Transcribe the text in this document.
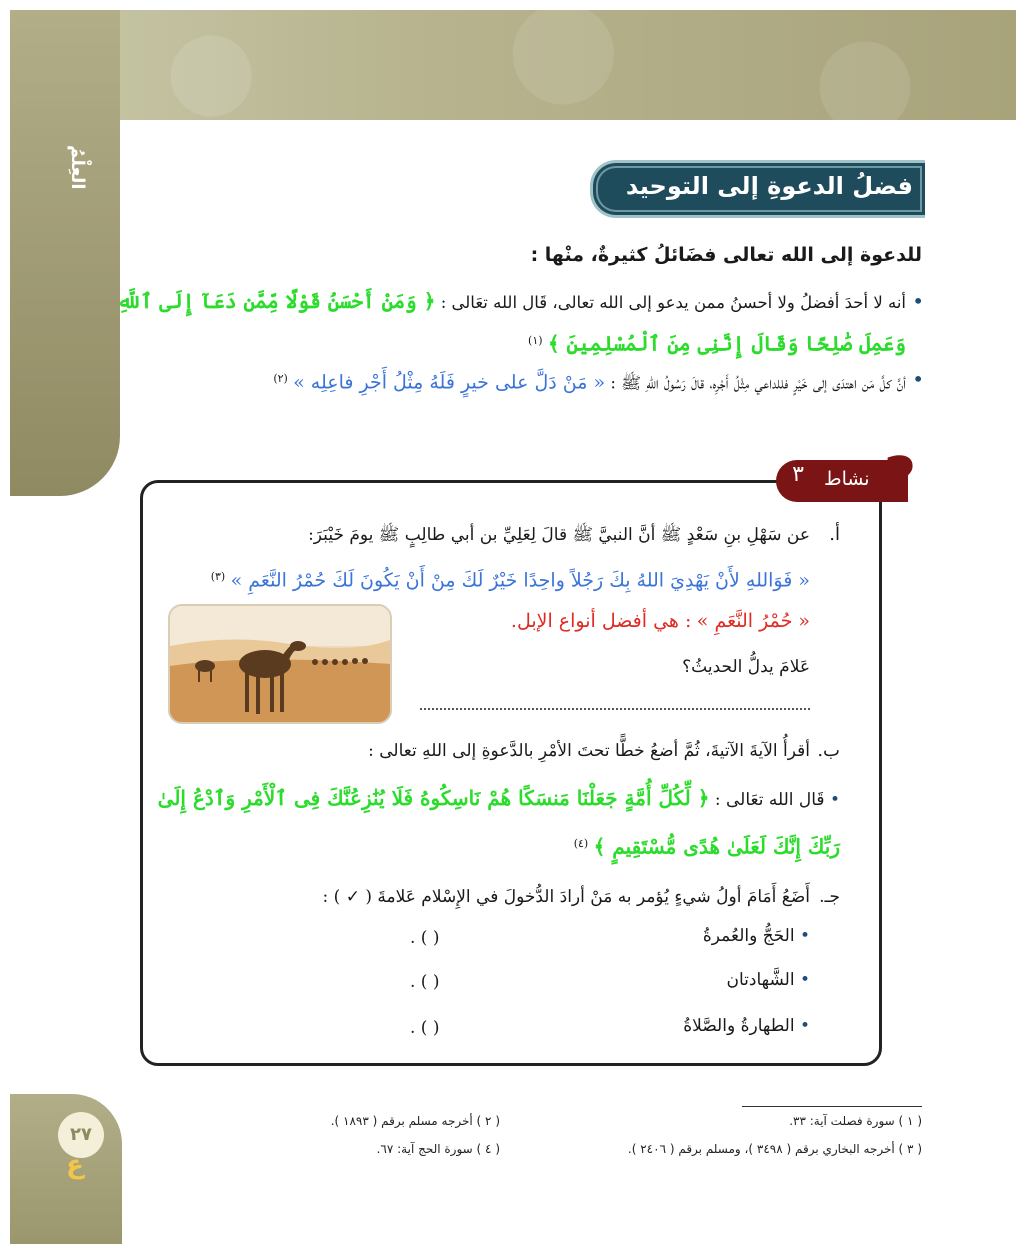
العِلْمُ	فضلُ الدعوةِ إلى التوحيد
للدعوة إلى الله تعالى فضَائلُ كثيرةٌ، منْها :
• أنه لا أحدَ أفضلُ ولا أحسنُ ممن يدعو إلى الله تعالى، قَال الله تعَالى : ﴿ وَمَنْ أَحْسَنُ قَوْلًا مِّمَّن دَعَآ إِلَى ٱللَّهِ وَعَمِلَ صَٰلِحًا وَقَالَ إِنَّنِى مِنَ ٱلْمُسْلِمِينَ ﴾ $^{(١)}$
• أنَّ كلَّ مَن اهتدَى إلى خَيْرٍ فللداعي مِثْلُ أَجْرِه، قالَ رَسُولُ اللهِ ﷺ : « مَنْ دَلَّ على خيرٍ فَلَهُ مِثْلُ أَجْرِ فاعِلِه » $^{(٢)}$
٣	نشاط ?
أ.
عن سَهْلِ بنِ سَعْدٍ ﷺ أنَّ النبيَّ ﷺ قالَ لِعَلِيِّ بن أبي طالِبٍ ﷺ يومَ خَيْبَرَ:
« فَوَاللهِ لأَنْ يَهْدِيَ اللهُ بِكَ رَجُلاً واحِدًا خَيْرٌ لَكَ مِنْ أَنْ يَكُونَ لَكَ حُمْرُ النَّعَمِ » $^{(٣)}$
« حُمْرُ النَّعَمِ » : هي أفضل أنواع الإبل.
عَلامَ يدلُّ الحديثُ؟
ب.
أقرأُ الآيةَ الآتيةَ، ثُمَّ أضعُ خطًّا تحتَ الأمْرِ بالدَّعوةِ إلى اللهِ تعالى :
• قَال الله تعَالى : ﴿ لِّكُلِّ أُمَّةٍ جَعَلْنَا مَنسَكًا هُمْ نَاسِكُوهُ فَلَا يُنَٰزِعُنَّكَ فِى ٱلْأَمْرِ وَٱدْعُ إِلَىٰ رَبِّكَ إِنَّكَ لَعَلَىٰ هُدًى مُّسْتَقِيمٍ ﴾ $^{(٤)}$
جـ.
أَضَعُ أَمَامَ أولُ شيءٍ يُؤمر به مَنْ أرادَ الدُّخولَ في الإِسْلام عَلامةَ ( ✓ ) :
• الحَجُّ والعُمرةُ
( ) .
• الشَّهادتان
( ) .
• الطهارةُ والصَّلاةُ
( ) .
( ١ ) سورة فصلت آية: ٣٣.
( ٢ ) أخرجه مسلم برقم ( ١٨٩٣ ).
( ٣ ) أخرجه البخاري برقم ( ٣٤٩٨ )، ومسلم برقم ( ٢٤٠٦ ).
( ٤ ) سورة الحج آية: ٦٧.
٢٧
ع
